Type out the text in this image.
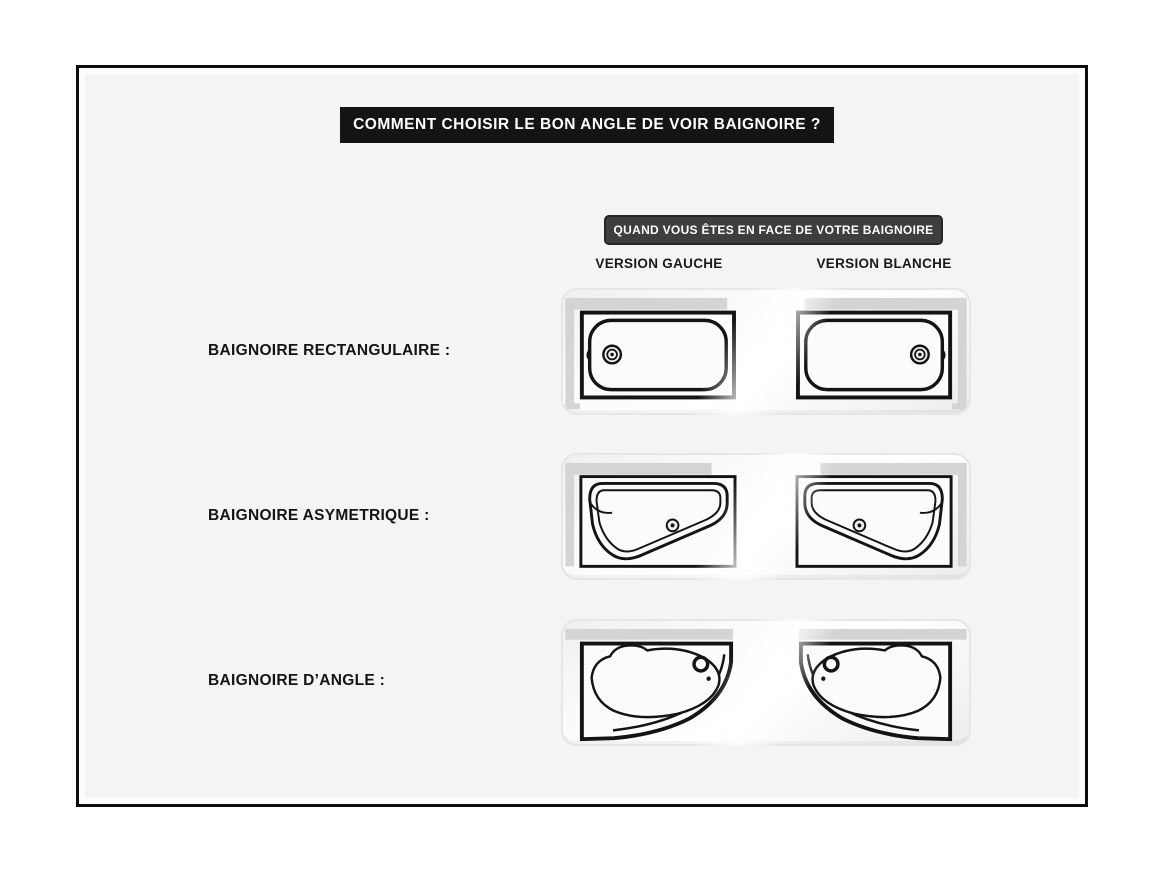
COMMENT CHOISIR LE BON ANGLE DE VOIR BAIGNOIRE ?
QUAND VOUS ÊTES EN FACE DE VOTRE BAIGNOIRE
VERSION GAUCHE	VERSION BLANCHE
BAIGNOIRE RECTANGULAIRE :
BAIGNOIRE ASYMETRIQUE :
BAIGNOIRE D’ANGLE :
